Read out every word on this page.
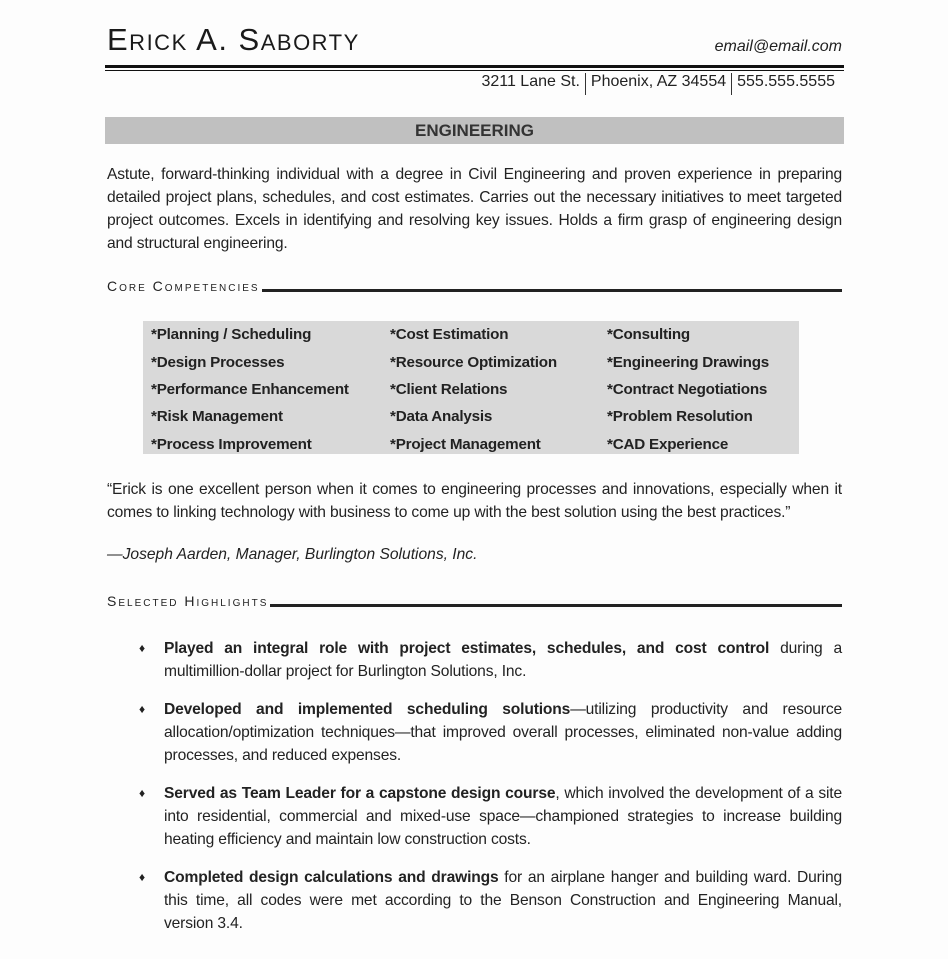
Erick A. Saborty	email@email.com
3211 Lane St. Phoenix, AZ 34554 555.555.5555
ENGINEERING
Astute, forward-thinking individual with a degree in Civil Engineering and proven experience in preparing detailed project plans, schedules, and cost estimates. Carries out the necessary initiatives to meet targeted project outcomes. Excels in identifying and resolving key issues. Holds a firm grasp of engineering design and structural engineering.
Core Competencies
*Planning / Scheduling	*Cost Estimation	*Consulting
*Design Processes	*Resource Optimization	*Engineering Drawings
*Performance Enhancement	*Client Relations	*Contract Negotiations
*Risk Management	*Data Analysis	*Problem Resolution
*Process Improvement	*Project Management	*CAD Experience
“Erick is one excellent person when it comes to engineering processes and innovations, especially when it comes to linking technology with business to come up with the best solution using the best practices.”
—Joseph Aarden, Manager, Burlington Solutions, Inc.
Selected Highlights
♦ Played an integral role with project estimates, schedules, and cost control during a multimillion-dollar project for Burlington Solutions, Inc.
♦ Developed and implemented scheduling solutions—utilizing productivity and resource allocation/optimization techniques—that improved overall processes, eliminated non-value adding processes, and reduced expenses.
♦ Served as Team Leader for a capstone design course, which involved the development of a site into residential, commercial and mixed-use space—championed strategies to increase building heating efficiency and maintain low construction costs.
♦ Completed design calculations and drawings for an airplane hanger and building ward. During this time, all codes were met according to the Benson Construction and Engineering Manual, version 3.4.
